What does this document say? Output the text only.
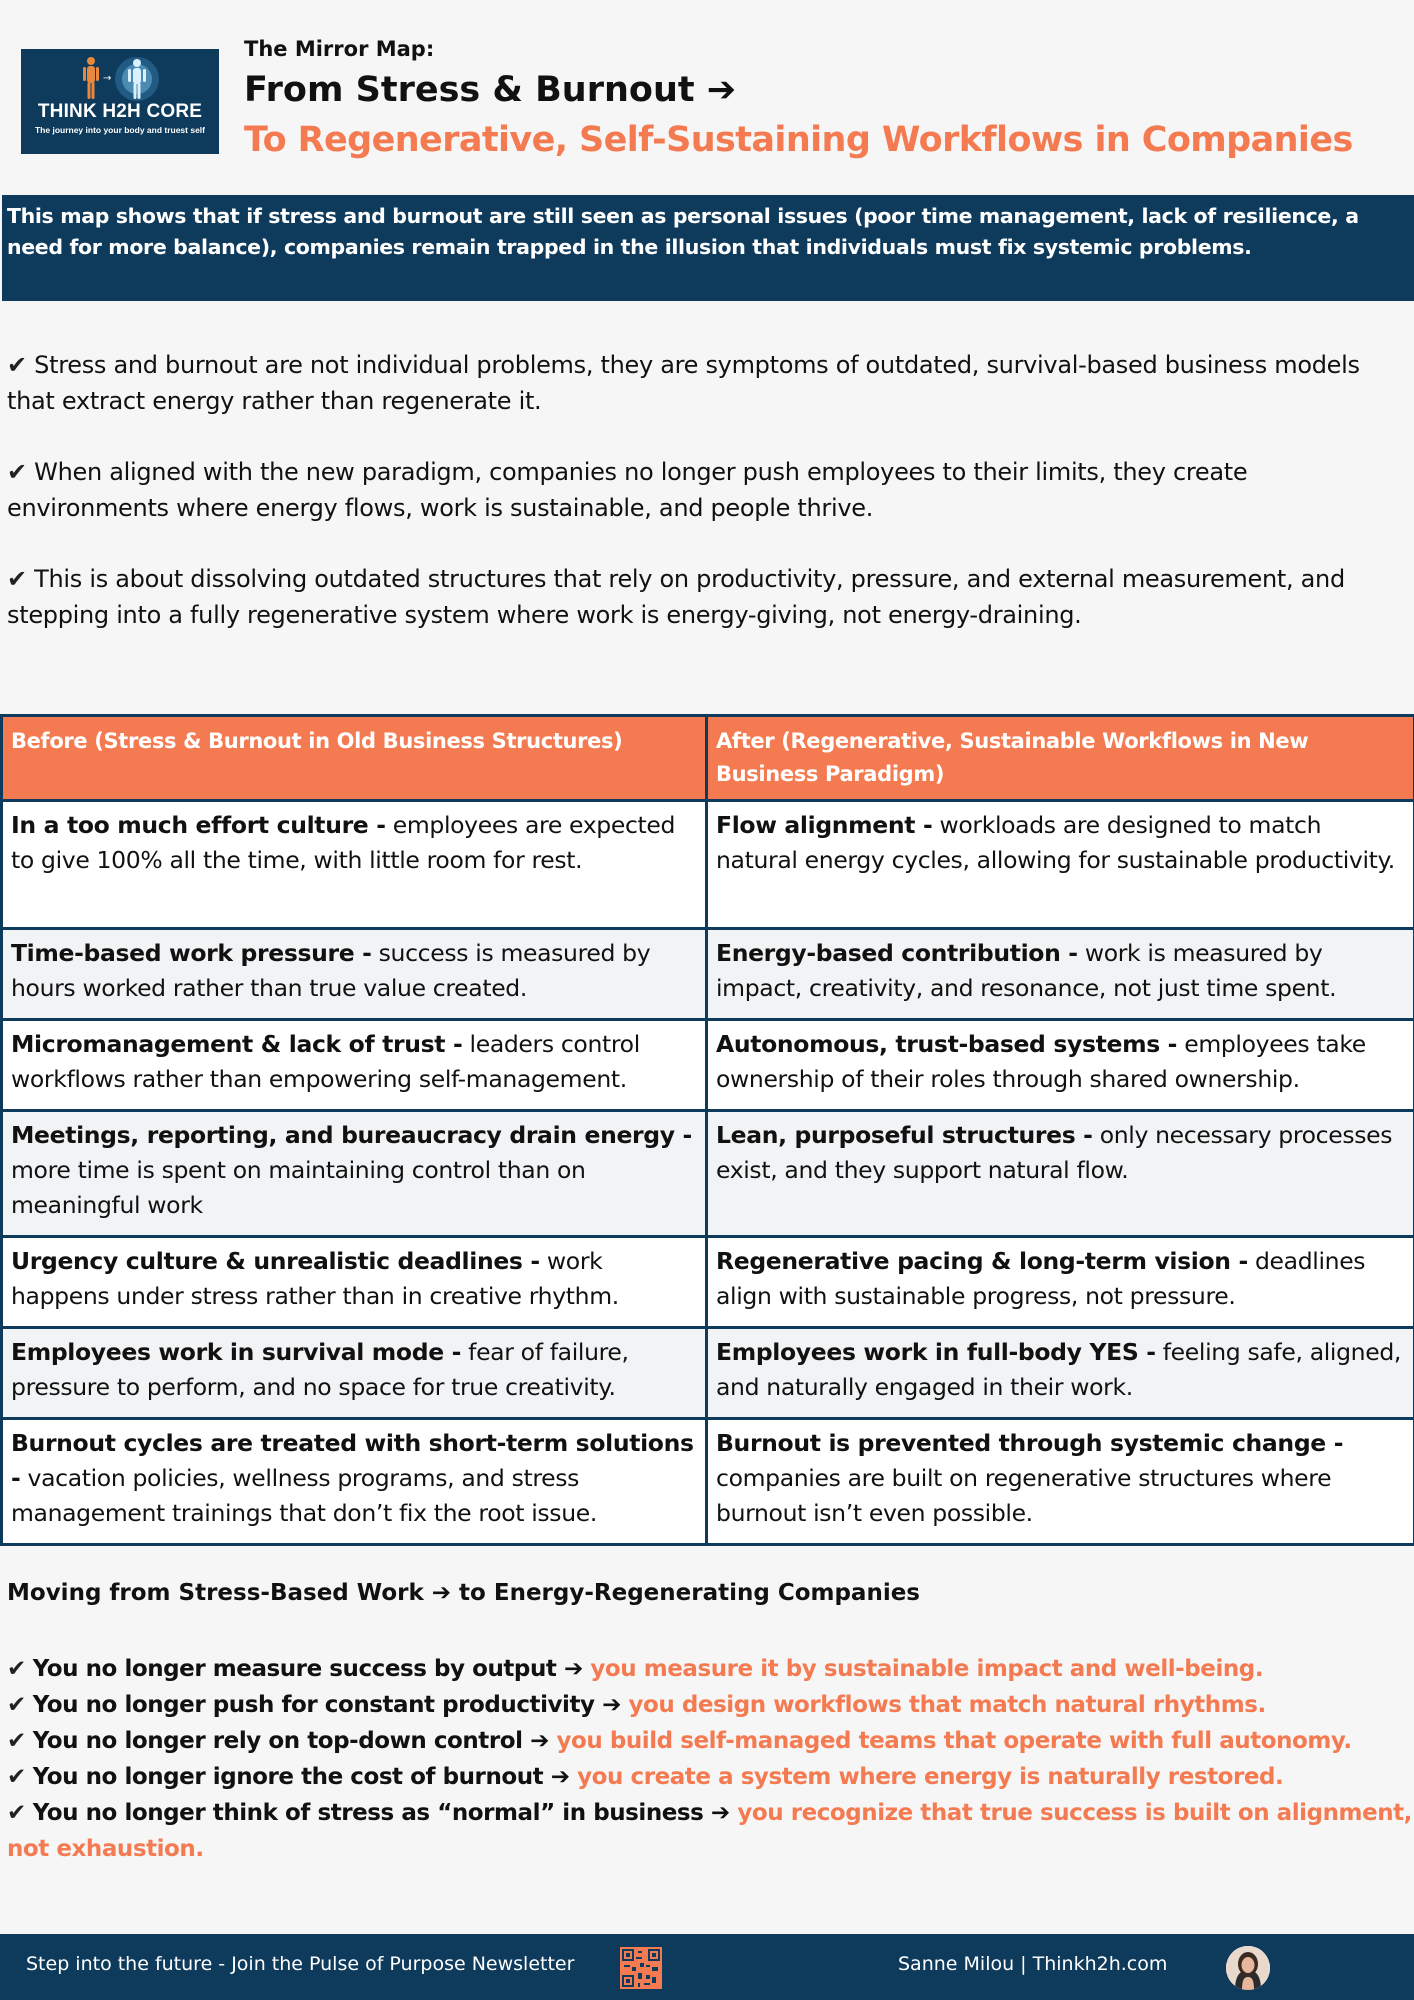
→
THINK H2H CORE
The journey into your body and truest self
The Mirror Map:
From Stress & Burnout ➔
To Regenerative, Self-Sustaining Workflows in Companies
This map shows that if stress and burnout are still seen as personal issues (poor time management, lack of resilience, a need for more balance), companies remain trapped in the illusion that individuals must fix systemic problems.

✔ Stress and burnout are not individual problems, they are symptoms of outdated, survival-based business models that extract energy rather than regenerate it.

✔ When aligned with the new paradigm, companies no longer push employees to their limits, they create environments where energy flows, work is sustainable, and people thrive.

✔ This is about dissolving outdated structures that rely on productivity, pressure, and external measurement, and stepping into a fully regenerative system where work is energy-giving, not energy-draining.

Before (Stress & Burnout in Old Business Structures)	After (Regenerative, Sustainable Workflows in New Business Paradigm)
In a too much effort culture - employees are expected to give 100% all the time, with little room for rest.	Flow alignment - workloads are designed to match natural energy cycles, allowing for sustainable productivity.
Time-based work pressure - success is measured by hours worked rather than true value created.	Energy-based contribution - work is measured by impact, creativity, and resonance, not just time spent.
Micromanagement & lack of trust - leaders control workflows rather than empowering self-management.	Autonomous, trust-based systems - employees take ownership of their roles through shared ownership.
Meetings, reporting, and bureaucracy drain energy - more time is spent on maintaining control than on meaningful work	Lean, purposeful structures - only necessary processes exist, and they support natural flow.
Urgency culture & unrealistic deadlines - work happens under stress rather than in creative rhythm.	Regenerative pacing & long-term vision - deadlines align with sustainable progress, not pressure.
Employees work in survival mode - fear of failure, pressure to perform, and no space for true creativity.	Employees work in full-body YES - feeling safe, aligned, and naturally engaged in their work.
Burnout cycles are treated with short-term solutions - vacation policies, wellness programs, and stress management trainings that don’t fix the root issue.	Burnout is prevented through systemic change - companies are built on regenerative structures where burnout isn’t even possible.
Moving from Stress-Based Work ➔ to Energy-Regenerating Companies

✔ You no longer measure success by output ➔ you measure it by sustainable impact and well-being.

✔ You no longer push for constant productivity ➔ you design workflows that match natural rhythms.

✔ You no longer rely on top-down control ➔ you build self-managed teams that operate with full autonomy.

✔ You no longer ignore the cost of burnout ➔ you create a system where energy is naturally restored.

✔ You no longer think of stress as “normal” in business ➔ you recognize that true success is built on alignment, not exhaustion.

Step into the future - Join the Pulse of Purpose Newsletter	Sanne Milou | Thinkh2h.com
